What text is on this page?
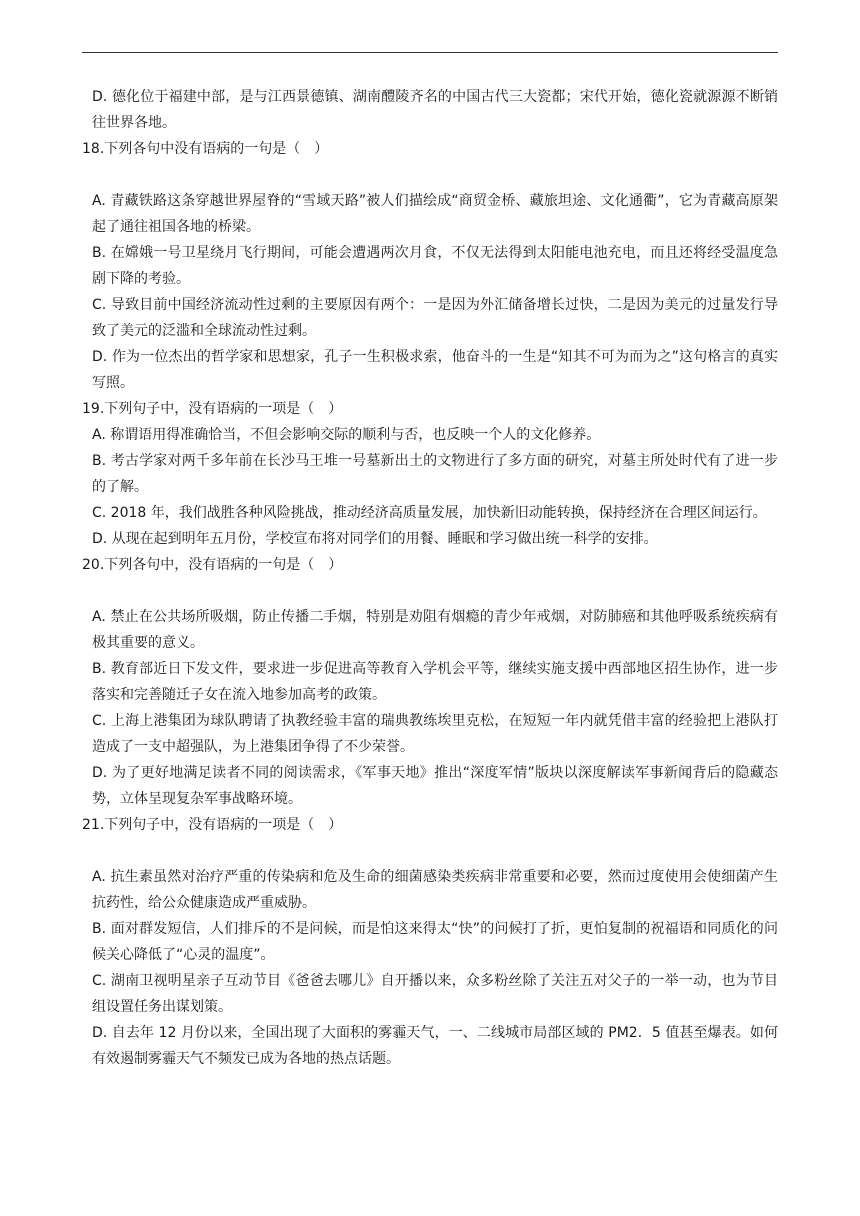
D. 德化位于福建中部，是与江西景德镇、湖南醴陵齐名的中国古代三大瓷都；宋代开始，德化瓷就源源不断销往世界各地。

18.下列各句中没有语病的一句是（　）

A. 青藏铁路这条穿越世界屋脊的“雪域天路”被人们描绘成“商贸金桥、藏旅坦途、文化通衢”，它为青藏高原架起了通往祖国各地的桥梁。

B. 在嫦娥一号卫星绕月飞行期间，可能会遭遇两次月食，不仅无法得到太阳能电池充电，而且还将经受温度急剧下降的考验。

C. 导致目前中国经济流动性过剩的主要原因有两个：一是因为外汇储备增长过快，二是因为美元的过量发行导致了美元的泛滥和全球流动性过剩。

D. 作为一位杰出的哲学家和思想家，孔子一生积极求索，他奋斗的一生是“知其不可为而为之”这句格言的真实写照。

19.下列句子中，没有语病的一项是（　）

A. 称谓语用得准确恰当，不但会影响交际的顺利与否，也反映一个人的文化修养。

B. 考古学家对两千多年前在长沙马王堆一号墓新出土的文物进行了多方面的研究，对墓主所处时代有了进一步的了解。

C. 2018 年，我们战胜各种风险挑战，推动经济高质量发展，加快新旧动能转换，保持经济在合理区间运行。

D. 从现在起到明年五月份，学校宣布将对同学们的用餐、睡眠和学习做出统一科学的安排。

20.下列各句中，没有语病的一句是（　）

A. 禁止在公共场所吸烟，防止传播二手烟，特别是劝阻有烟瘾的青少年戒烟，对防肺癌和其他呼吸系统疾病有极其重要的意义。

B. 教育部近日下发文件，要求进一步促进高等教育入学机会平等，继续实施支援中西部地区招生协作，进一步落实和完善随迁子女在流入地参加高考的政策。

C. 上海上港集团为球队聘请了执教经验丰富的瑞典教练埃里克松，在短短一年内就凭借丰富的经验把上港队打造成了一支中超强队，为上港集团争得了不少荣誉。

D. 为了更好地满足读者不同的阅读需求，《军事天地》推出“深度军情”版块以深度解读军事新闻背后的隐藏态势，立体呈现复杂军事战略环境。

21.下列句子中，没有语病的一项是（　）

A. 抗生素虽然对治疗严重的传染病和危及生命的细菌感染类疾病非常重要和必要，然而过度使用会使细菌产生抗药性，给公众健康造成严重威胁。

B. 面对群发短信，人们排斥的不是问候，而是怕这来得太“快”的问候打了折，更怕复制的祝福语和同质化的问候关心降低了“心灵的温度”。

C. 湖南卫视明星亲子互动节目《爸爸去哪儿》自开播以来，众多粉丝除了关注五对父子的一举一动，也为节目组设置任务出谋划策。

D. 自去年 12 月份以来，全国出现了大面积的雾霾天气，一、二线城市局部区域的 PM2．5 值甚至爆表。如何有效遏制雾霾天气不频发已成为各地的热点话题。
